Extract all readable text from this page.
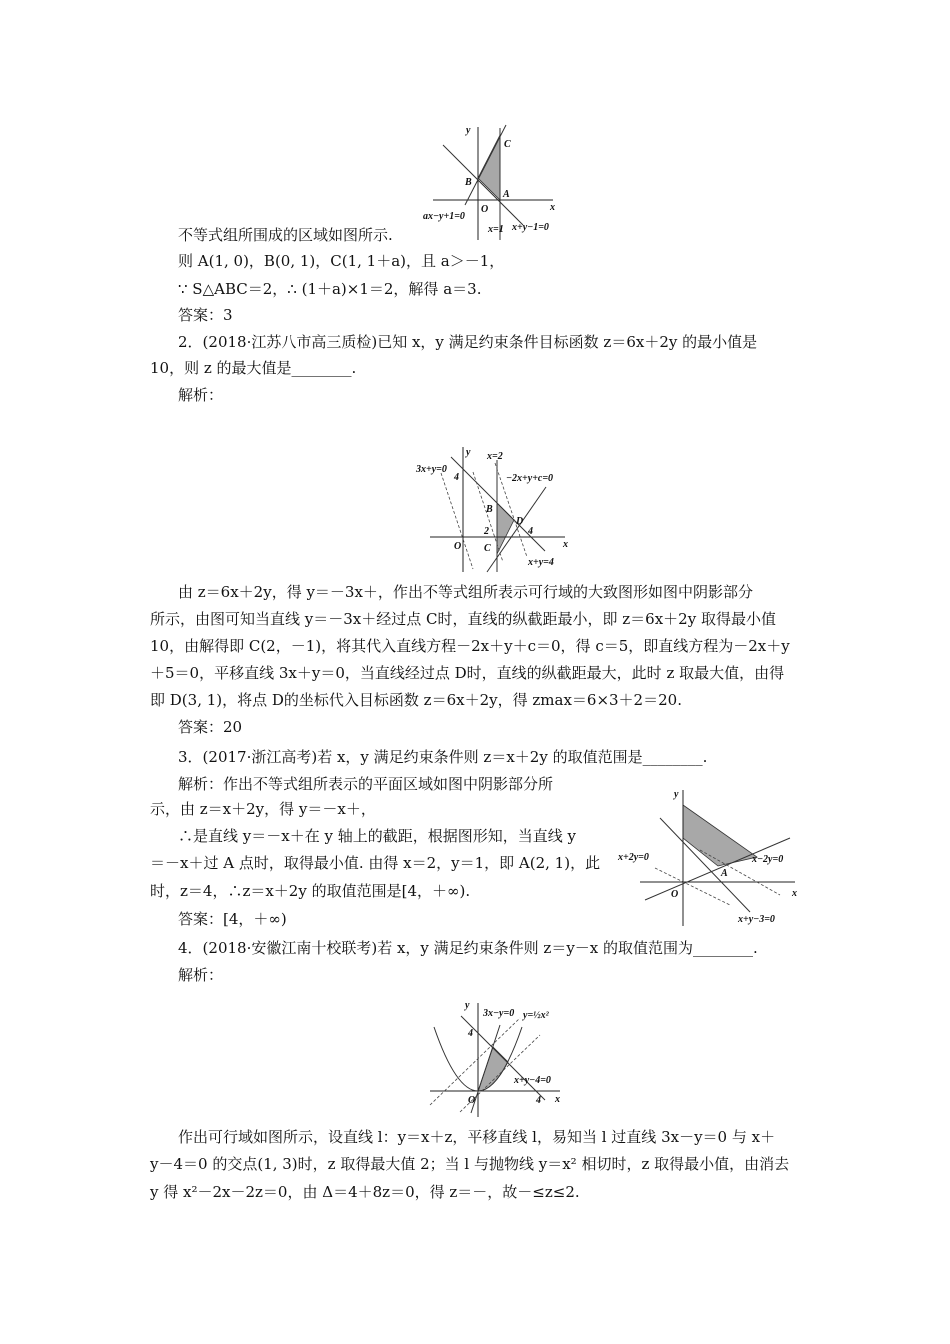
y
x
C
B
A
O
ax−y+1=0
x=1 x+y−1=0
不等式组所围成的区域如图所示.
则 A(1, 0)，B(0, 1)，C(1, 1＋a)，且 a＞－1，
∵ S△ABC＝2，∴ (1＋a)×1＝2，解得 a＝3.
答案：3
2．(2018·江苏八市高三质检)已知 x，y 满足约束条件目标函数 z＝6x＋2y 的最小值是
10，则 z 的最大值是________.
解析：
y
x
3x+y=0
x=2
−2x+y+c=0
x+y=4
4
4
2
B
C
D
O
由 z＝6x＋2y，得 y＝－3x＋，作出不等式组所表示可行域的大致图形如图中阴影部分
所示，由图可知当直线 y＝－3x＋经过点 C时，直线的纵截距最小，即 z＝6x＋2y 取得最小值
10，由解得即 C(2，－1)，将其代入直线方程－2x＋y＋c＝0，得 c＝5，即直线方程为－2x＋y
＋5＝0，平移直线 3x＋y＝0，当直线经过点 D时，直线的纵截距最大，此时 z 取最大值，由得
即 D(3, 1)，将点 D的坐标代入目标函数 z＝6x＋2y，得 zmax＝6×3＋2＝20.
答案：20
3．(2017·浙江高考)若 x，y 满足约束条件则 z＝x＋2y 的取值范围是________.
解析：作出不等式组所表示的平面区域如图中阴影部分所
示，由 z＝x＋2y，得 y＝－x＋，
∴是直线 y＝－x＋在 y 轴上的截距，根据图形知，当直线 y
＝－x＋过 A 点时，取得最小值. 由得 x＝2，y＝1，即 A(2, 1)，此
时，z＝4，∴z＝x＋2y 的取值范围是[4，＋∞).
答案：[4，＋∞)
y
x
O
A
x+2y=0	x−2y=0
x+y−3=0
4．(2018·安徽江南十校联考)若 x，y 满足约束条件则 z＝y－x 的取值范围为________.
解析：
y
x
O
4
4
3x−y=0 y=½x²
x+y−4=0
作出可行域如图所示，设直线 l：y＝x＋z，平移直线 l，易知当 l 过直线 3x－y＝0 与 x＋
y－4＝0 的交点(1, 3)时，z 取得最大值 2；当 l 与抛物线 y＝x² 相切时，z 取得最小值，由消去
y 得 x²－2x－2z＝0，由 Δ＝4＋8z＝0，得 z＝－，故－≤z≤2.
